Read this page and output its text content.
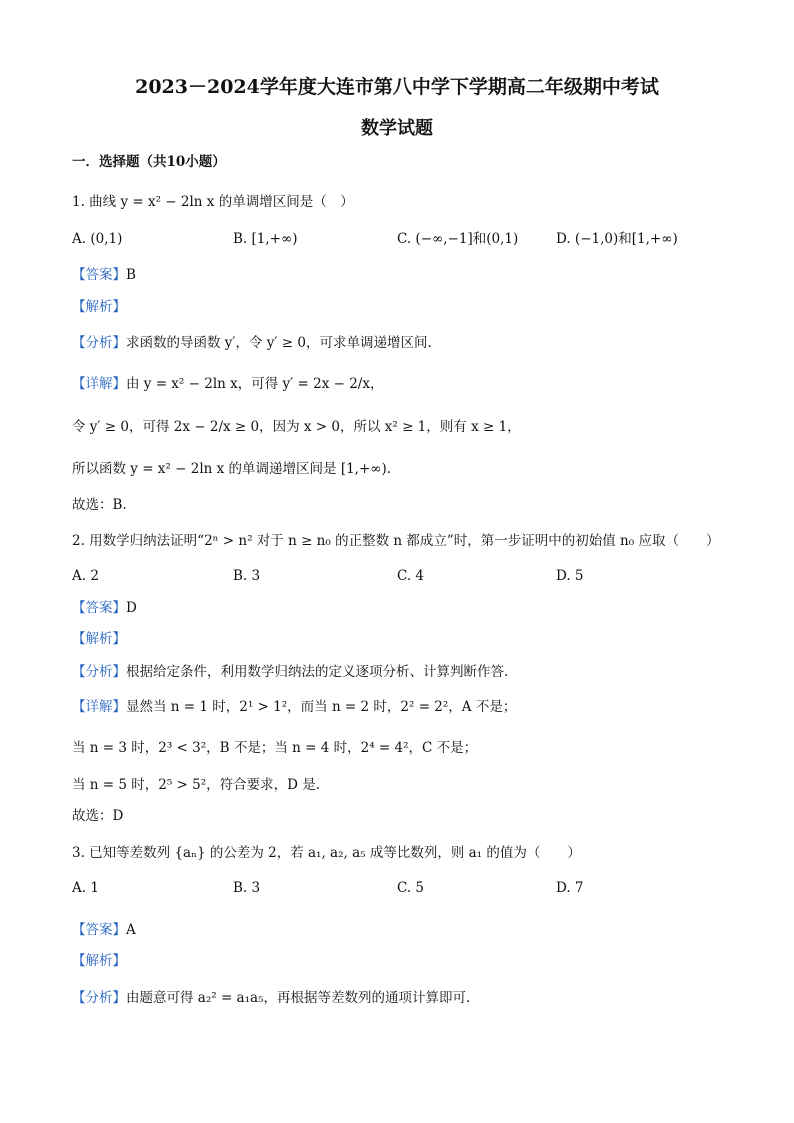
2023－2024学年度大连市第八中学下学期高二年级期中考试
数学试题
一．选择题（共10小题）
1. 曲线 y = x² − 2ln x 的单调增区间是（　）
A. (0,1)	B. [1,+∞)	C. (−∞,−1]和(0,1)	D. (−1,0)和[1,+∞)
【答案】B
【解析】
【分析】求函数的导函数 y′，令 y′ ≥ 0，可求单调递增区间.
【详解】由 y = x² − 2ln x，可得 y′ = 2x − 2/x，
令 y′ ≥ 0，可得 2x − 2/x ≥ 0，因为 x > 0，所以 x² ≥ 1，则有 x ≥ 1，
所以函数 y = x² − 2ln x 的单调递增区间是 [1,+∞).
故选：B.
2. 用数学归纳法证明“2ⁿ > n² 对于 n ≥ n₀ 的正整数 n 都成立”时，第一步证明中的初始值 n₀ 应取（　　）
A. 2	B. 3	C. 4	D. 5
【答案】D
【解析】
【分析】根据给定条件，利用数学归纳法的定义逐项分析、计算判断作答.
【详解】显然当 n = 1 时，2¹ > 1²，而当 n = 2 时，2² = 2²，A 不是；
当 n = 3 时，2³ < 3²，B 不是；当 n = 4 时，2⁴ = 4²，C 不是；
当 n = 5 时，2⁵ > 5²，符合要求，D 是.
故选：D
3. 已知等差数列 {aₙ} 的公差为 2，若 a₁, a₂, a₅ 成等比数列，则 a₁ 的值为（　　）
A. 1	B. 3	C. 5	D. 7
【答案】A
【解析】
【分析】由题意可得 a₂² = a₁a₅，再根据等差数列的通项计算即可.
